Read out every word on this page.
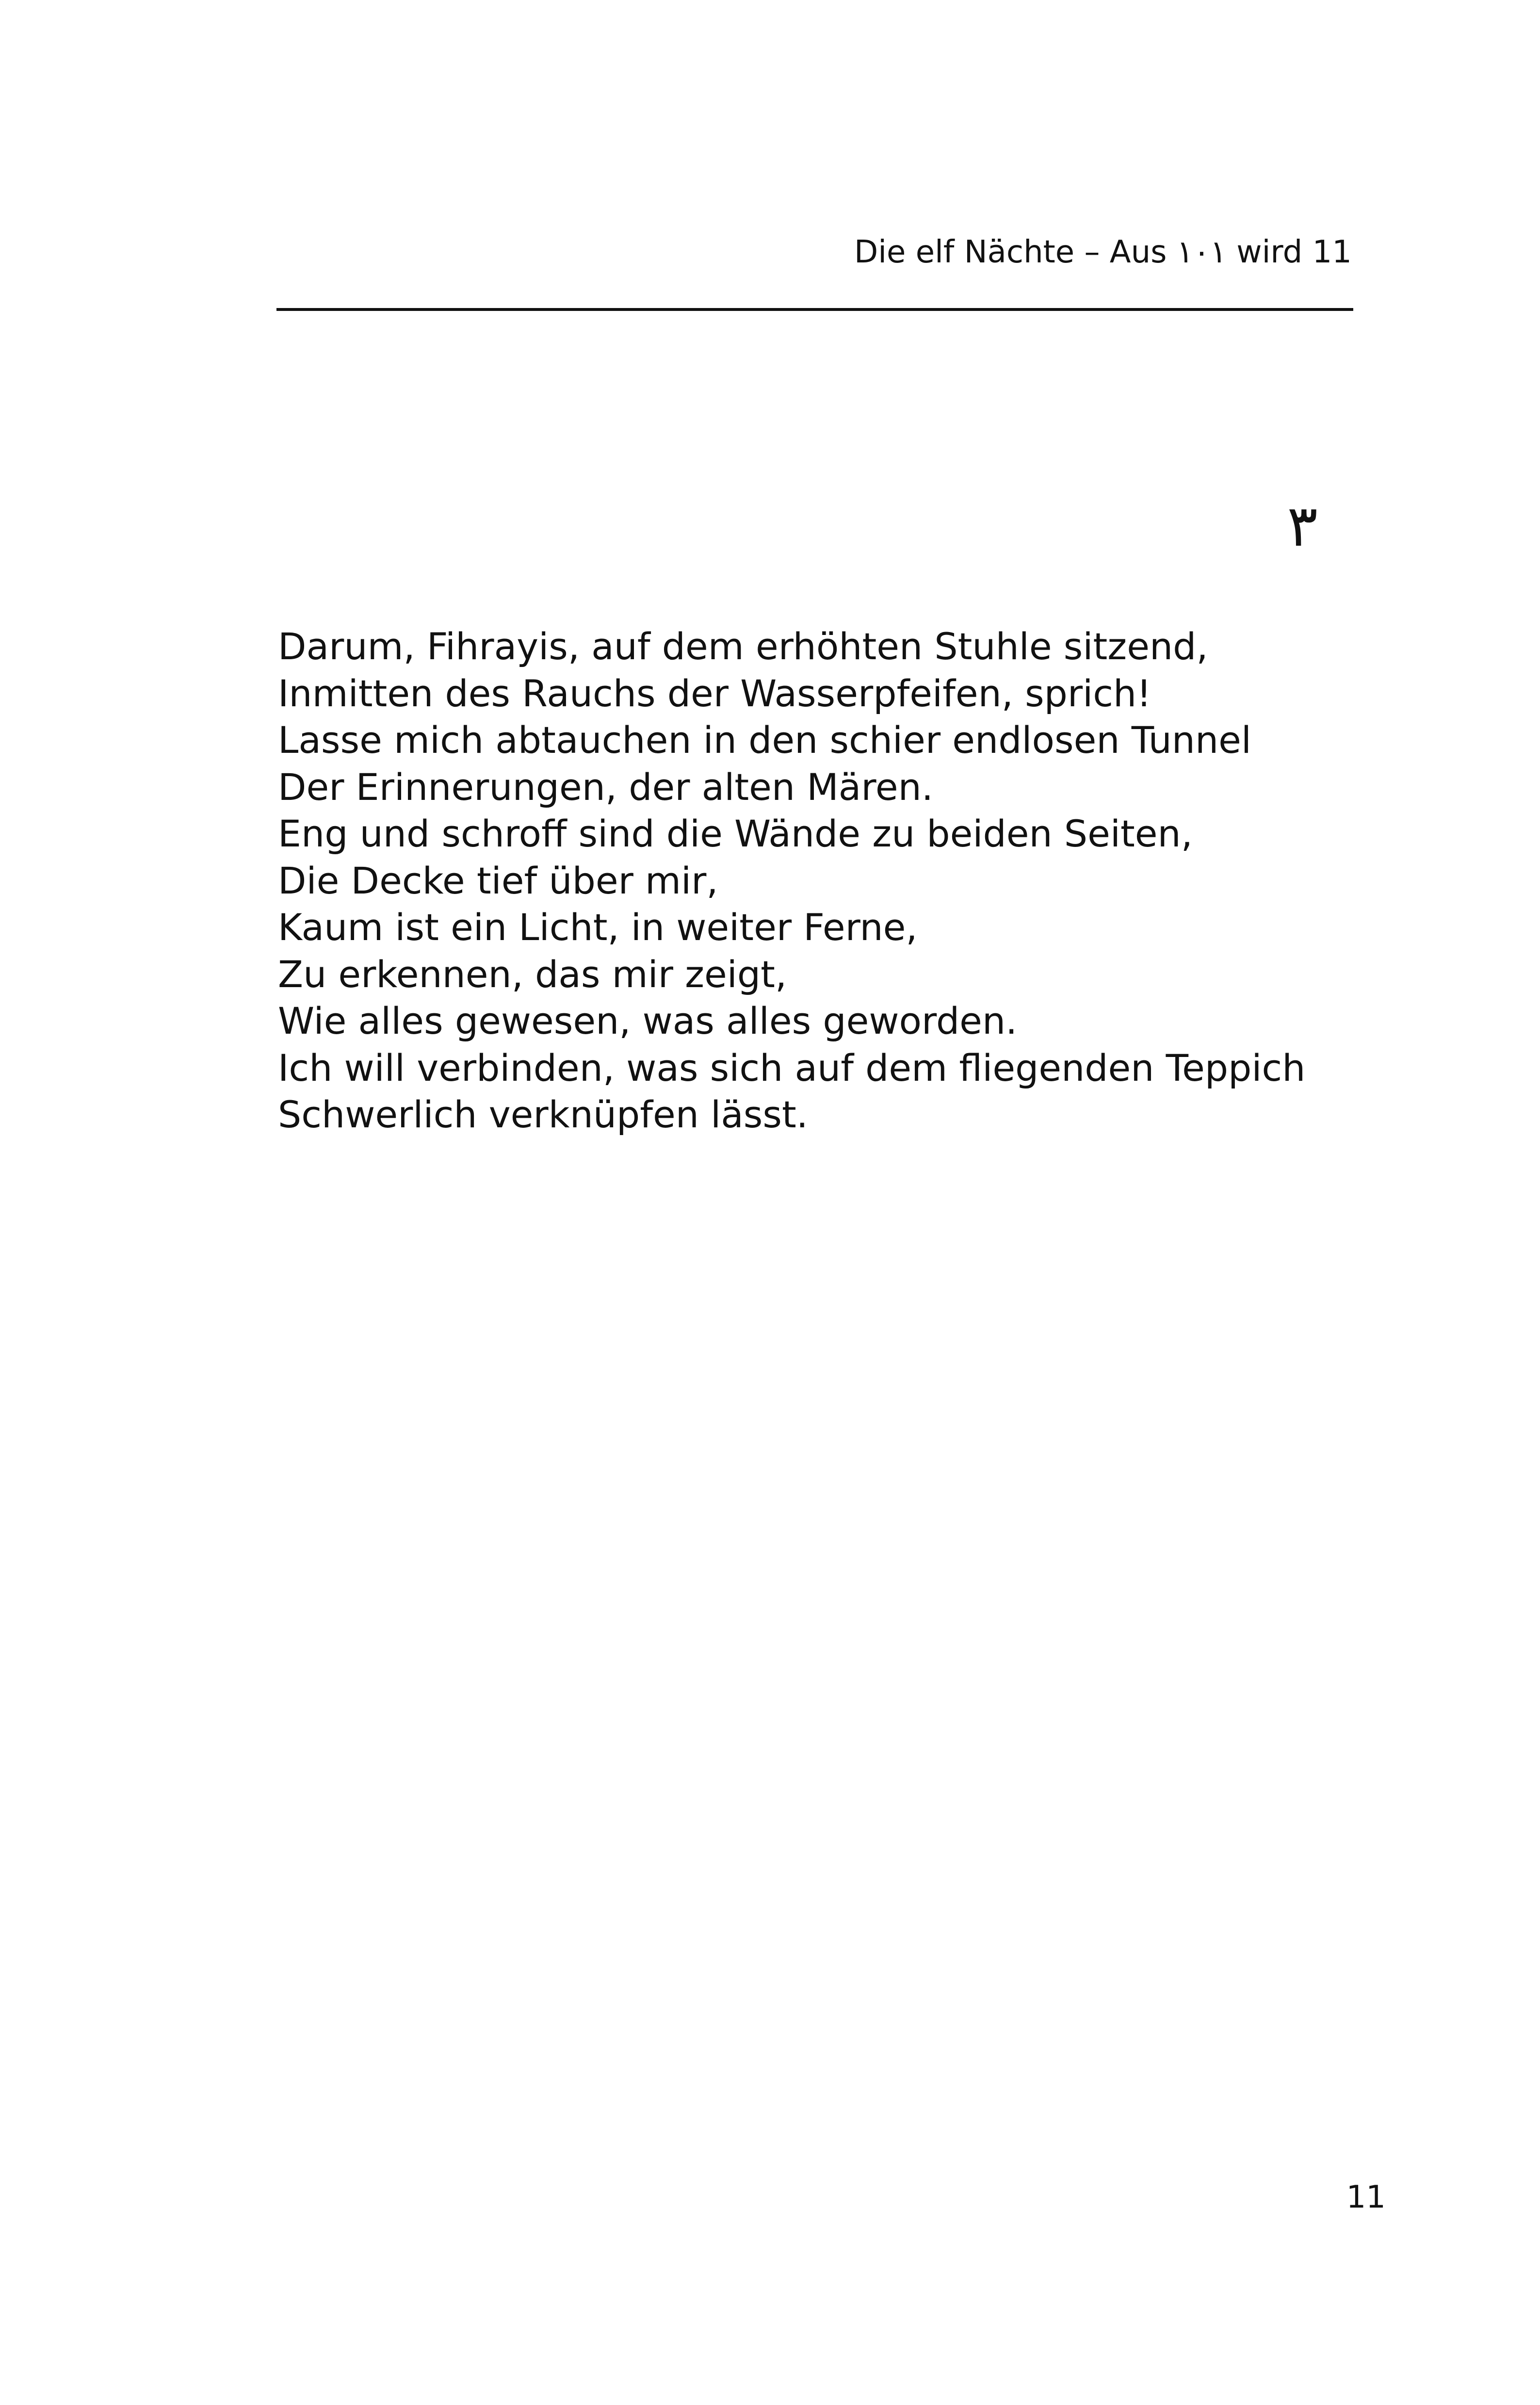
Die elf Nächte – Aus ١٠١ wird 11
٣
Darum, Fihrayis, auf dem erhöhten Stuhle sitzend,
Inmitten des Rauchs der Wasserpfeifen, sprich!
Lasse mich abtauchen in den schier endlosen Tunnel
Der Erinnerungen, der alten Mären.
Eng und schroff sind die Wände zu beiden Seiten,
Die Decke tief über mir,
Kaum ist ein Licht, in weiter Ferne,
Zu erkennen, das mir zeigt,
Wie alles gewesen, was alles geworden.
Ich will verbinden, was sich auf dem fliegenden Teppich
Schwerlich verknüpfen lässt.
11
